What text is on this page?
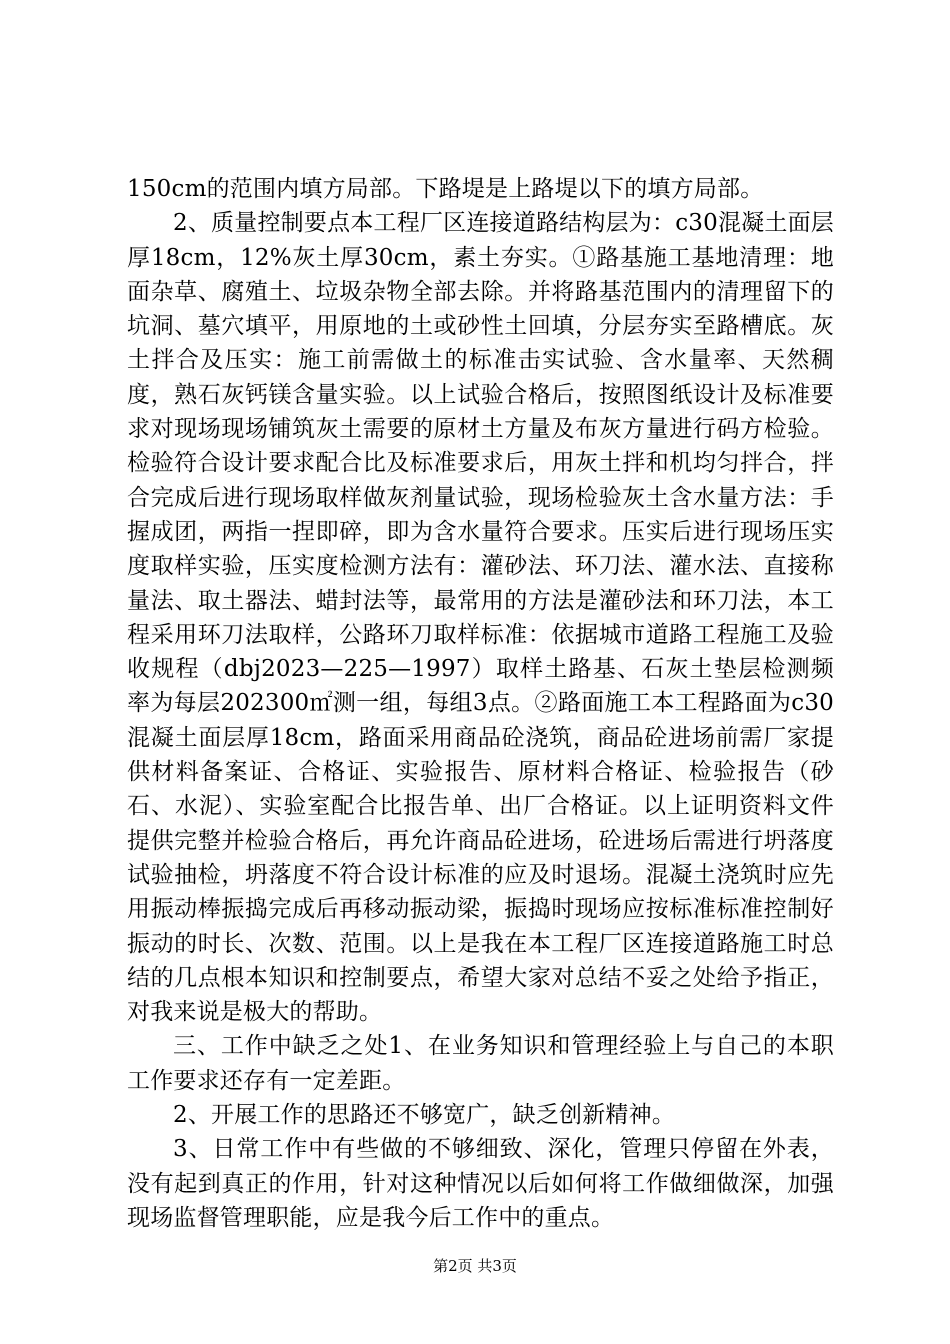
150cm的范围内填方局部。下路堤是上路堤以下的填方局部。

2、质量控制要点本工程厂区连接道路结构层为：c30混凝土面层厚18cm，12%灰土厚30cm，素土夯实。①路基施工基地清理：地面杂草、腐殖土、垃圾杂物全部去除。并将路基范围内的清理留下的坑洞、墓穴填平，用原地的土或砂性土回填，分层夯实至路槽底。灰土拌合及压实：施工前需做土的标准击实试验、含水量率、天然稠度，熟石灰钙镁含量实验。以上试验合格后，按照图纸设计及标准要求对现场现场铺筑灰土需要的原材土方量及布灰方量进行码方检验。检验符合设计要求配合比及标准要求后，用灰土拌和机均匀拌合，拌合完成后进行现场取样做灰剂量试验，现场检验灰土含水量方法：手握成团，两指一捏即碎，即为含水量符合要求。压实后进行现场压实度取样实验，压实度检测方法有：灌砂法、环刀法、灌水法、直接称量法、取土器法、蜡封法等，最常用的方法是灌砂法和环刀法，本工程采用环刀法取样，公路环刀取样标准：依据城市道路工程施工及验收规程（dbj2023—225—1997）取样土路基、石灰土垫层检测频率为每层202300㎡测一组，每组3点。②路面施工本工程路面为c30混凝土面层厚18cm，路面采用商品砼浇筑，商品砼进场前需厂家提供材料备案证、合格证、实验报告、原材料合格证、检验报告（砂石、水泥）、实验室配合比报告单、出厂合格证。以上证明资料文件提供完整并检验合格后，再允许商品砼进场，砼进场后需进行坍落度试验抽检，坍落度不符合设计标准的应及时退场。混凝土浇筑时应先用振动棒振捣完成后再移动振动梁，振捣时现场应按标准标准控制好振动的时长、次数、范围。以上是我在本工程厂区连接道路施工时总结的几点根本知识和控制要点，希望大家对总结不妥之处给予指正，对我来说是极大的帮助。

三、工作中缺乏之处1、在业务知识和管理经验上与自己的本职工作要求还存有一定差距。

2、开展工作的思路还不够宽广，缺乏创新精神。

3、日常工作中有些做的不够细致、深化，管理只停留在外表，没有起到真正的作用，针对这种情况以后如何将工作做细做深，加强现场监督管理职能，应是我今后工作中的重点。

第2页 共3页
